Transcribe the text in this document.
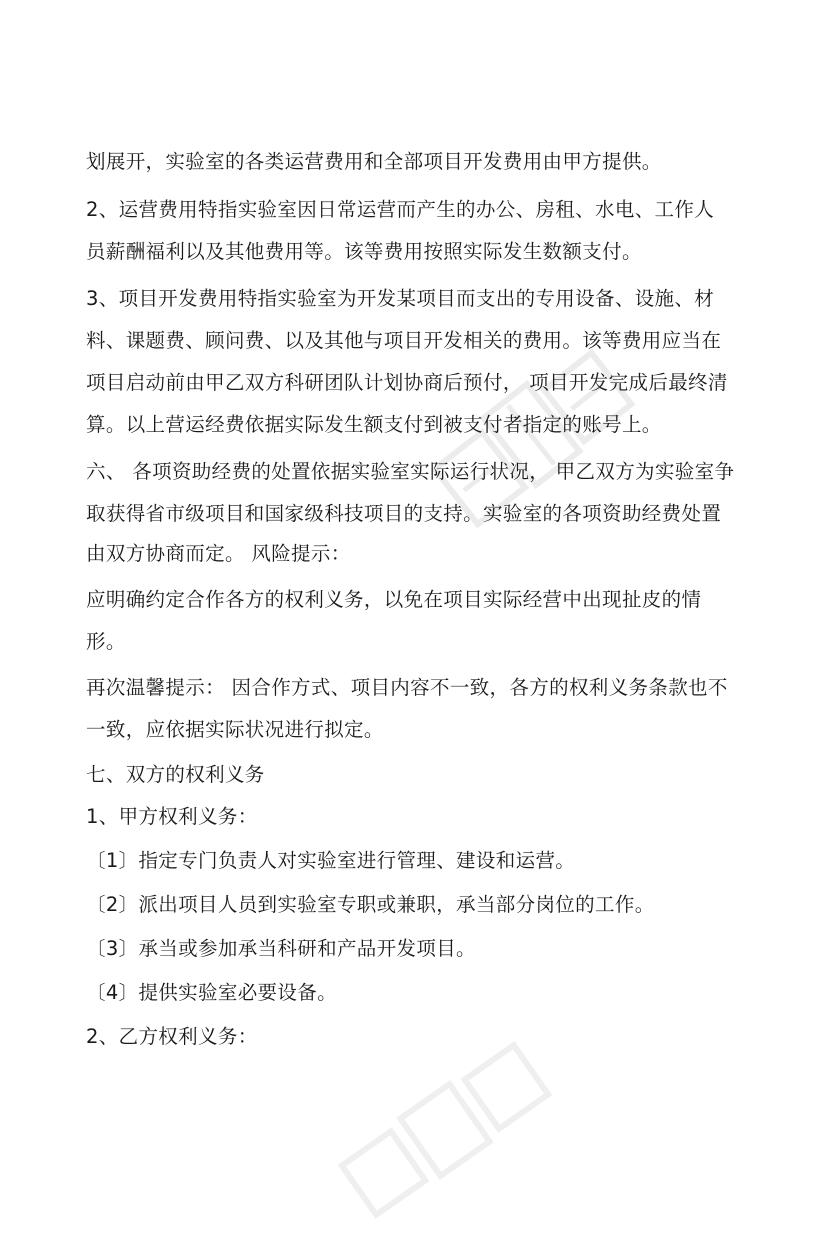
划展开，实验室的各类运营费用和全部项目开发费用由甲方提供。
2、运营费用特指实验室因日常运营而产生的办公、房租、水电、工作人
员薪酬福利以及其他费用等。该等费用按照实际发生数额支付。
3、项目开发费用特指实验室为开发某项目而支出的专用设备、设施、材
料、课题费、顾问费、以及其他与项目开发相关的费用。该等费用应当在
项目启动前由甲乙双方科研团队计划协商后预付， 项目开发完成后最终清
算。以上营运经费依据实际发生额支付到被支付者指定的账号上。
六、 各项资助经费的处置依据实验室实际运行状况， 甲乙双方为实验室争
取获得省市级项目和国家级科技项目的支持。实验室的各项资助经费处置
由双方协商而定。 风险提示：
应明确约定合作各方的权利义务，以免在项目实际经营中出现扯皮的情
形。
再次温馨提示： 因合作方式、项目内容不一致，各方的权利义务条款也不
一致，应依据实际状况进行拟定。
七、双方的权利义务
1、甲方权利义务：
〔1〕指定专门负责人对实验室进行管理、建设和运营。
〔2〕派出项目人员到实验室专职或兼职，承当部分岗位的工作。
〔3〕承当或参加承当科研和产品开发项目。
〔4〕提供实验室必要设备。
2、乙方权利义务：
